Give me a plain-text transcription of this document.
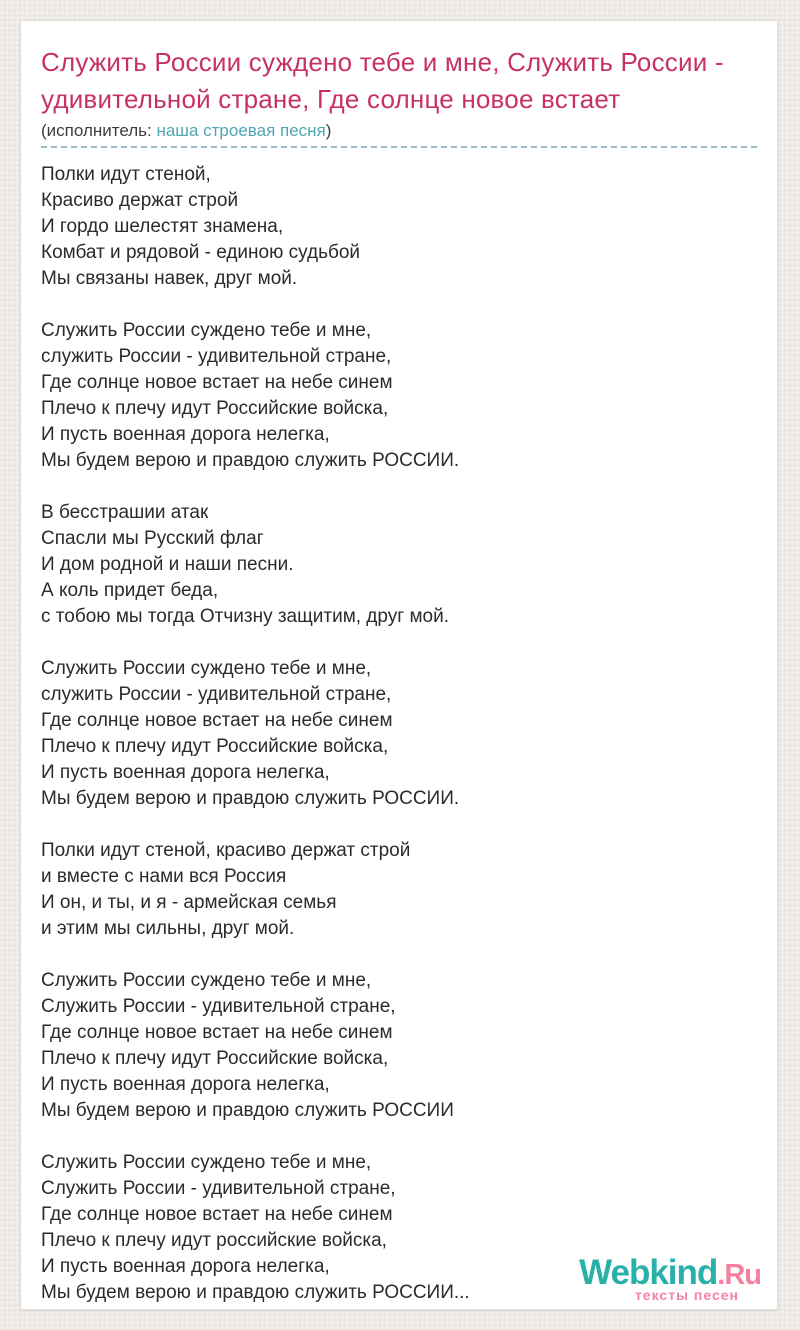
Служить России суждено тебе и мне, Служить России - удивительной стране, Где солнце новое встает
(исполнитель: наша строевая песня)

Полки идут стеной,
Красиво держат строй
И гордо шелестят знамена,
Комбат и рядовой - единою судьбой
Мы связаны навек, друг мой.

Служить России суждено тебе и мне,
служить России - удивительной стране,
Где солнце новое встает на небе синем
Плечо к плечу идут Российские войска,
И пусть военная дорога нелегка,
Мы будем верою и правдою служить РОССИИ.

В бесстрашии атак
Спасли мы Русский флаг
И дом родной и наши песни.
А коль придет беда,
с тобою мы тогда Отчизну защитим, друг мой.

Служить России суждено тебе и мне,
служить России - удивительной стране,
Где солнце новое встает на небе синем
Плечо к плечу идут Российские войска,
И пусть военная дорога нелегка,
Мы будем верою и правдою служить РОССИИ.

Полки идут стеной, красиво держат строй
и вместе с нами вся Россия
И он, и ты, и я - армейская семья
и этим мы сильны, друг мой.

Служить России суждено тебе и мне,
Служить России - удивительной стране,
Где солнце новое встает на небе синем
Плечо к плечу идут Российские войска,
И пусть военная дорога нелегка,
Мы будем верою и правдою служить РОССИИ

Служить России суждено тебе и мне,
Служить России - удивительной стране,
Где солнце новое встает на небе синем
Плечо к плечу идут российские войска,
И пусть военная дорога нелегка,
Мы будем верою и правдою служить РОССИИ...

Webkind.Ru
тексты песен
